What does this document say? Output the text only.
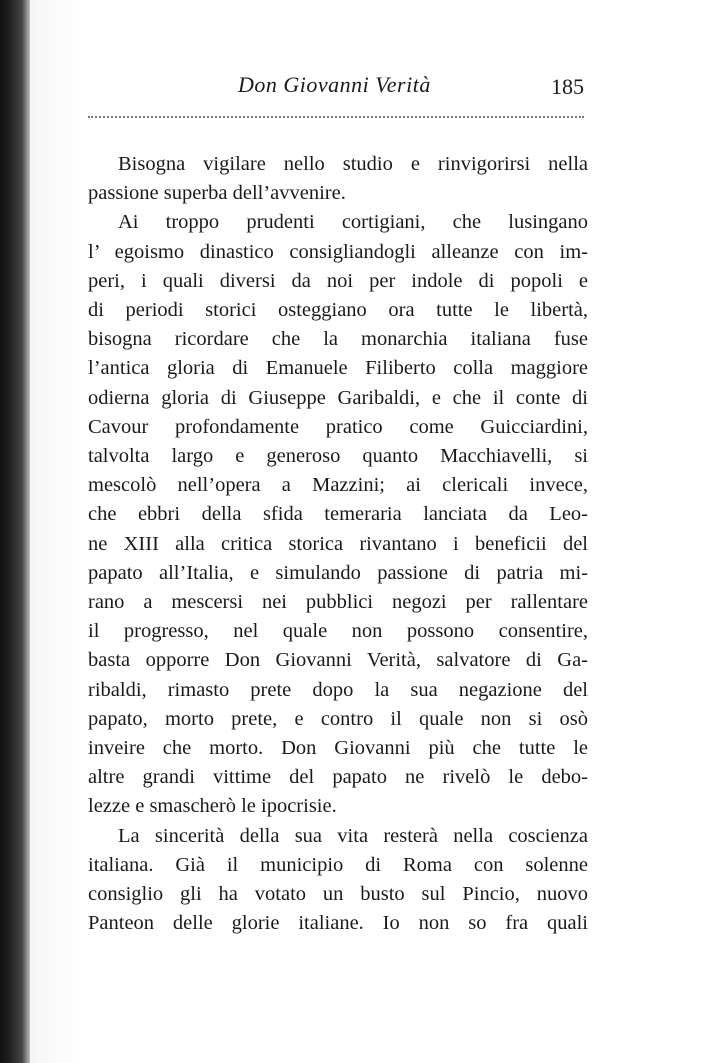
Don Giovanni Verità	185
Bisogna vigilare nello studio e rinvigorirsi nella
passione superba dell’avvenire.
Ai troppo prudenti cortigiani, che lusingano
l’ egoismo dinastico consigliandogli alleanze con im-
peri, i quali diversi da noi per indole di popoli e
di periodi storici osteggiano ora tutte le libertà,
bisogna ricordare che la monarchia italiana fuse
l’antica gloria di Emanuele Filiberto colla maggiore
odierna gloria di Giuseppe Garibaldi, e che il conte di
Cavour profondamente pratico come Guicciardini,
talvolta largo e generoso quanto Macchiavelli, si
mescolò nell’opera a Mazzini; ai clericali invece,
che ebbri della sfida temeraria lanciata da Leo-
ne XIII alla critica storica rivantano i beneficii del
papato all’Italia, e simulando passione di patria mi-
rano a mescersi nei pubblici negozi per rallentare
il progresso, nel quale non possono consentire,
basta opporre Don Giovanni Verità, salvatore di Ga-
ribaldi, rimasto prete dopo la sua negazione del
papato, morto prete, e contro il quale non si osò
inveire che morto. Don Giovanni più che tutte le
altre grandi vittime del papato ne rivelò le debo-
lezze e smascherò le ipocrisie.
La sincerità della sua vita resterà nella coscienza
italiana. Già il municipio di Roma con solenne
consiglio gli ha votato un busto sul Pincio, nuovo
Panteon delle glorie italiane. Io non so fra quali
